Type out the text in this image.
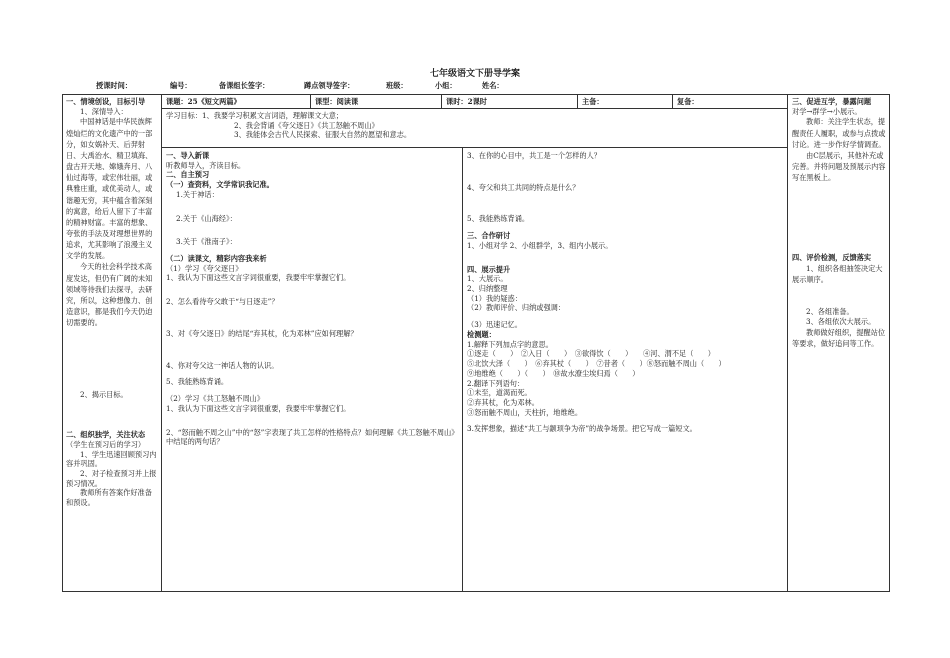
七年级语文下册导学案
授课时间：	编号：	备课组长签字：	蹲点领导签字：	班级：	小组：	姓名：
课题：25《短文两篇》	课型：阅读课	课时：2课时	主备：	复备：

学习目标：1、我要学习积累文言词语，理解课文大意；

2、我会背诵《夸父逐日》《共工怒触不周山》

3、我能体会古代人民探索、征服大自然的愿望和意志。

一、情境创设，目标引导

1、深情导入：

中国神话是中华民族辉煌灿烂的文化遗产中的一部分，如女娲补天、后羿射日、大禹治水、精卫填海、盘古开天地、嫦娥奔月、八仙过海等，或宏伟壮丽，或典雅庄重，或优美动人，或谐趣无穷，其中蕴含着深刻的寓意，给后人留下了丰富的精神财富。丰富的想象、夸张的手法及对理想世界的追求，尤其影响了浪漫主义文学的发展。

今天的社会科学技术高度发达，但仍有广阔的未知领域等待我们去探寻，去研究，所以，这种想像力、创造意识，都是我们今天仍迫切需要的。

2、揭示目标。

二、组织独学，关注状态

（学生在预习后的学习）

1、学生迅速回顾预习内容并巩固。

2、对子检查预习并上报预习情况。

教师所有答案作好准备和预设。

一、导入新课

听教师导入，齐读目标。

二、自主预习

（一）查资料，文学常识我记准。

1.关于神话：

2.关于《山海经》：

3.关于《淮南子》：

（二）读课文，精彩内容我来析

（1）学习《夸父逐日》

1、我认为下面这些文言字词很重要，我要牢牢掌握它们。

2、怎么看待夸父敢于“与日逐走”？

3、对《夸父逐日》的结尾“弃其杖，化为邓林”应如何理解？

4、你对夸父这一神话人物的认识。

5、我能熟练背诵。

（2）学习《共工怒触不周山》

1、我认为下面这些文言字词很重要，我要牢牢掌握它们。

2、“怒而触不周之山”中的“怒”字表现了共工怎样的性格特点？如何理解《共工怒触不周山》中结尾的两句话？

3、在你的心目中，共工是一个怎样的人？

4、夸父和共工共同的特点是什么？

5、我能熟练背诵。

三、合作研讨

1、小组对学 2、小组群学，3、组内小展示。

四、展示提升

1、大展示。

2、归纳整理

（1）我的疑惑：

（2）教师评价、归纳或强调：

（3）迅速记忆。

检测题：

1.解释下列加点字的意思。

①逐走（　　）　②入日（　　）　③欲得饮（　　）　　④河、渭不足（　　）

⑤北饮大泽（　　）　⑥弃其杖（　　）　⑦昔者（　　）⑧怒而触不周山（　　）

⑨地维绝（　　）（　　）　⑩故水潦尘埃归焉（　　）

2.翻译下列语句：

①未至，道渴而死。

②弃其杖，化为邓林。

③怒而触不周山，天柱折，地维绝。

3.发挥想象，描述“共工与颛顼争为帝”的战争场景。把它写成一篇短文。

三、促进互学，暴露问题

对学→群学→小展示。

教师：关注学生状态，提醒责任人履职，或参与点拨或讨论。进一步作好学情调查。

由C层展示，其他补充或完善。并将问题及预展示内容写在黑板上。

四、评价检测，反馈落实

1、组织各组抽签决定大展示顺序。

2、各组准备。

3、各组依次大展示。

教师做好组织，提醒站位等要求，做好追问等工作。
